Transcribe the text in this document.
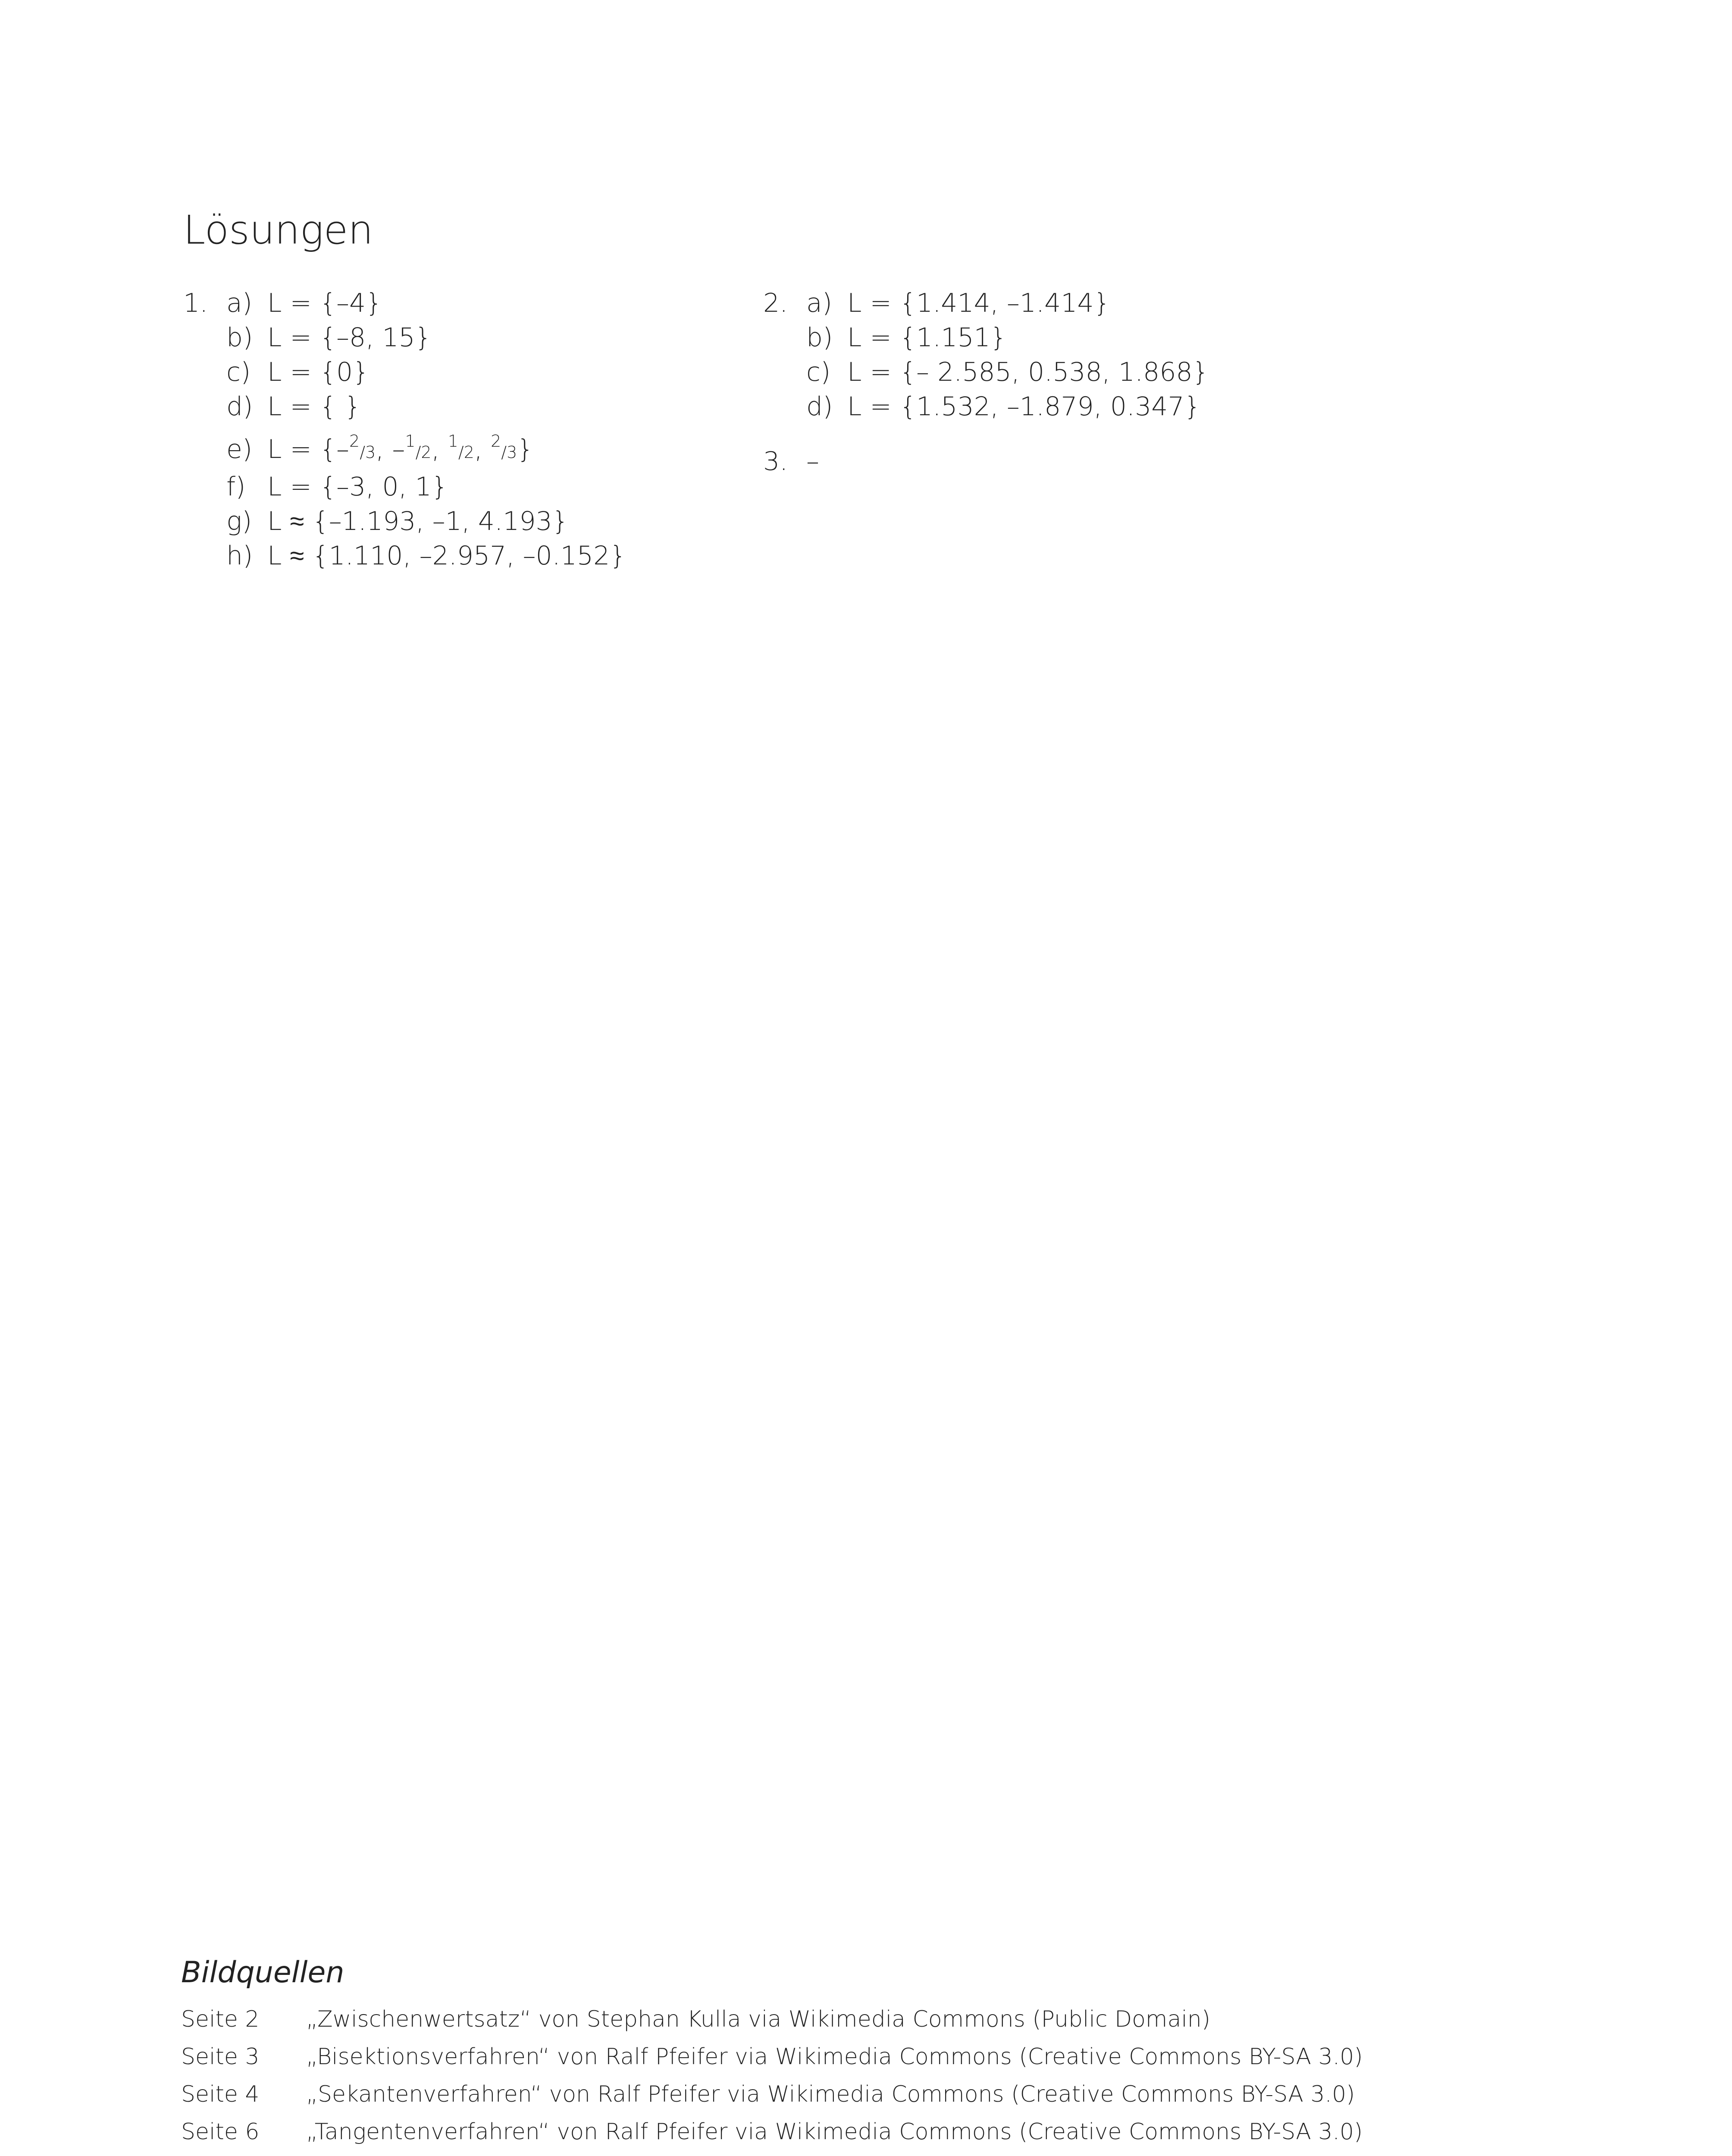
Lösungen
1. a) L = {–4}
b) L = {–8, 15}
c) L = {0}
d) L = { }
e) L = {–$^2$/3, –$^1$/2, $^1$/2, $^2$/3}
f) L = {–3, 0, 1}
g) L ≈ {–1.193, –1, 4.193}
h) L ≈ {1.110, –2.957, –0.152}
2. a) L = {1.414, –1.414}
b) L = {1.151}
c) L = {– 2.585, 0.538, 1.868}
d) L = {1.532, –1.879, 0.347}
3. –
Bildquellen
Seite 2 „Zwischenwertsatz“ von Stephan Kulla via Wikimedia Commons (Public Domain)
Seite 3 „Bisektionsverfahren“ von Ralf Pfeifer via Wikimedia Commons (Creative Commons BY-SA 3.0)
Seite 4 „Sekantenverfahren“ von Ralf Pfeifer via Wikimedia Commons (Creative Commons BY-SA 3.0)
Seite 6 „Tangentenverfahren“ von Ralf Pfeifer via Wikimedia Commons (Creative Commons BY-SA 3.0)
